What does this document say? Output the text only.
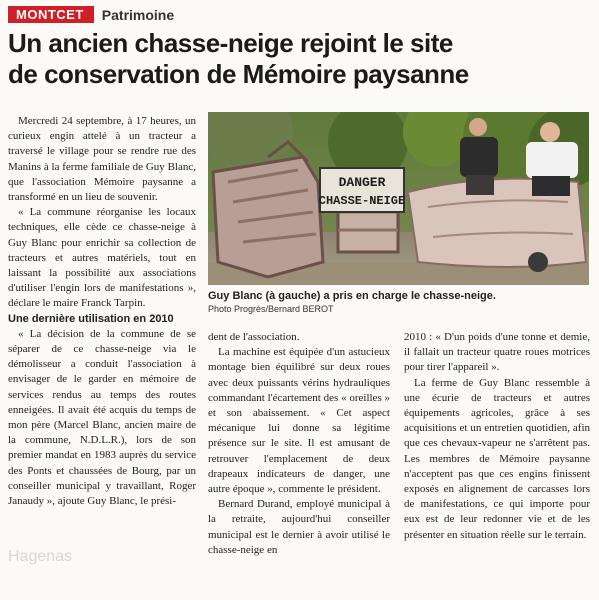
MONTCET	Patrimoine
Un ancien chasse-neige rejoint le site
de conservation de Mémoire paysanne
DANGER
CHASSE-NEIGE
Guy Blanc (à gauche) a pris en charge le chasse-neige.
Photo Progrès/Bernard BEROT

Mercredi 24 septembre, à 17 heures, un curieux engin attelé à un tracteur a traversé le village pour se rendre rue des Manins à la ferme familiale de Guy Blanc, que l'association Mémoire paysanne a transformé en un lieu de souvenir.

« La commune réorganise les locaux techniques, elle cède ce chasse-neige à Guy Blanc pour enrichir sa collection de tracteurs et autres matériels, tout en laissant la possibilité aux associations d'utiliser l'engin lors de manifestations », déclare le maire Franck Tarpin.

Une dernière utilisation en 2010

« La décision de la commune de se séparer de ce chasse-neige via le démolisseur a conduit l'association à envisager de le garder en mémoire de services rendus au temps des routes enneigées. Il avait été acquis du temps de mon père (Marcel Blanc, ancien maire de la commune, N.D.L.R.), lors de son premier mandat en 1983 auprès du service des Ponts et chaussées de Bourg, par un conseiller municipal y travaillant, Roger Janaudy », ajoute Guy Blanc, le prési-

dent de l'association.

La machine est équipée d'un astucieux montage bien équilibré sur deux roues avec deux puissants vérins hydrauliques commandant l'écartement des « oreilles » et son abaissement. « Cet aspect mécanique lui donne sa légitime présence sur le site. Il est amusant de retrouver l'emplacement de deux drapeaux indicateurs de danger, une autre époque », commente le président.

Bernard Durand, employé municipal à la retraite, aujourd'hui conseiller municipal est le dernier à avoir utilisé le chasse-neige en

2010 : « D'un poids d'une tonne et demie, il fallait un tracteur quatre roues motrices pour tirer l'appareil ».

La ferme de Guy Blanc ressemble à une écurie de tracteurs et autres équipements agricoles, grâce à ses acquisitions et un entretien quotidien, afin que ces chevaux-vapeur ne s'arrêtent pas. Les membres de Mémoire paysanne n'acceptent pas que ces engins finissent exposés en alignement de carcasses lors de manifestations, ce qui importe pour eux est de leur redonner vie et de les présenter en situation réelle sur le terrain.

Hagenas
